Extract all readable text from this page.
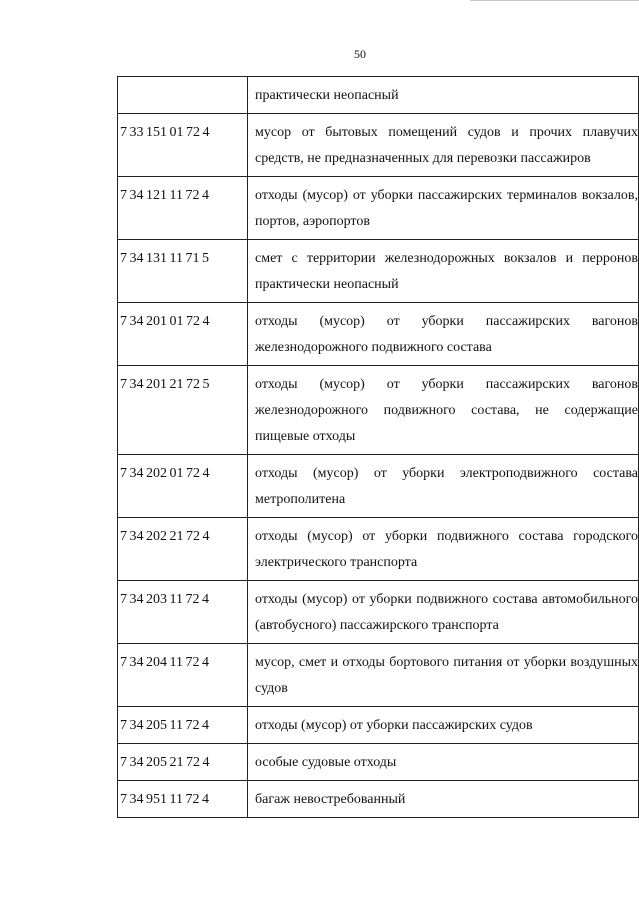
50
	практически неопасный
7 33 151 01 72 4	мусор от бытовых помещений судов и прочих плавучих средств, не предназначенных для перевозки пассажиров
7 34 121 11 72 4	отходы (мусор) от уборки пассажирских терминалов вокзалов, портов, аэропортов
7 34 131 11 71 5	смет с территории железнодорожных вокзалов и перронов практически неопасный
7 34 201 01 72 4	отходы (мусор) от уборки пассажирских вагонов железнодорожного подвижного состава
7 34 201 21 72 5	отходы (мусор) от уборки пассажирских вагонов железнодорожного подвижного состава, не содержащие пищевые отходы
7 34 202 01 72 4	отходы (мусор) от уборки электроподвижного состава метрополитена
7 34 202 21 72 4	отходы (мусор) от уборки подвижного состава городского электрического транспорта
7 34 203 11 72 4	отходы (мусор) от уборки подвижного состава автомобильного (автобусного) пассажирского транспорта
7 34 204 11 72 4	мусор, смет и отходы бортового питания от уборки воздушных судов
7 34 205 11 72 4	отходы (мусор) от уборки пассажирских судов
7 34 205 21 72 4	особые судовые отходы
7 34 951 11 72 4	багаж невостребованный
